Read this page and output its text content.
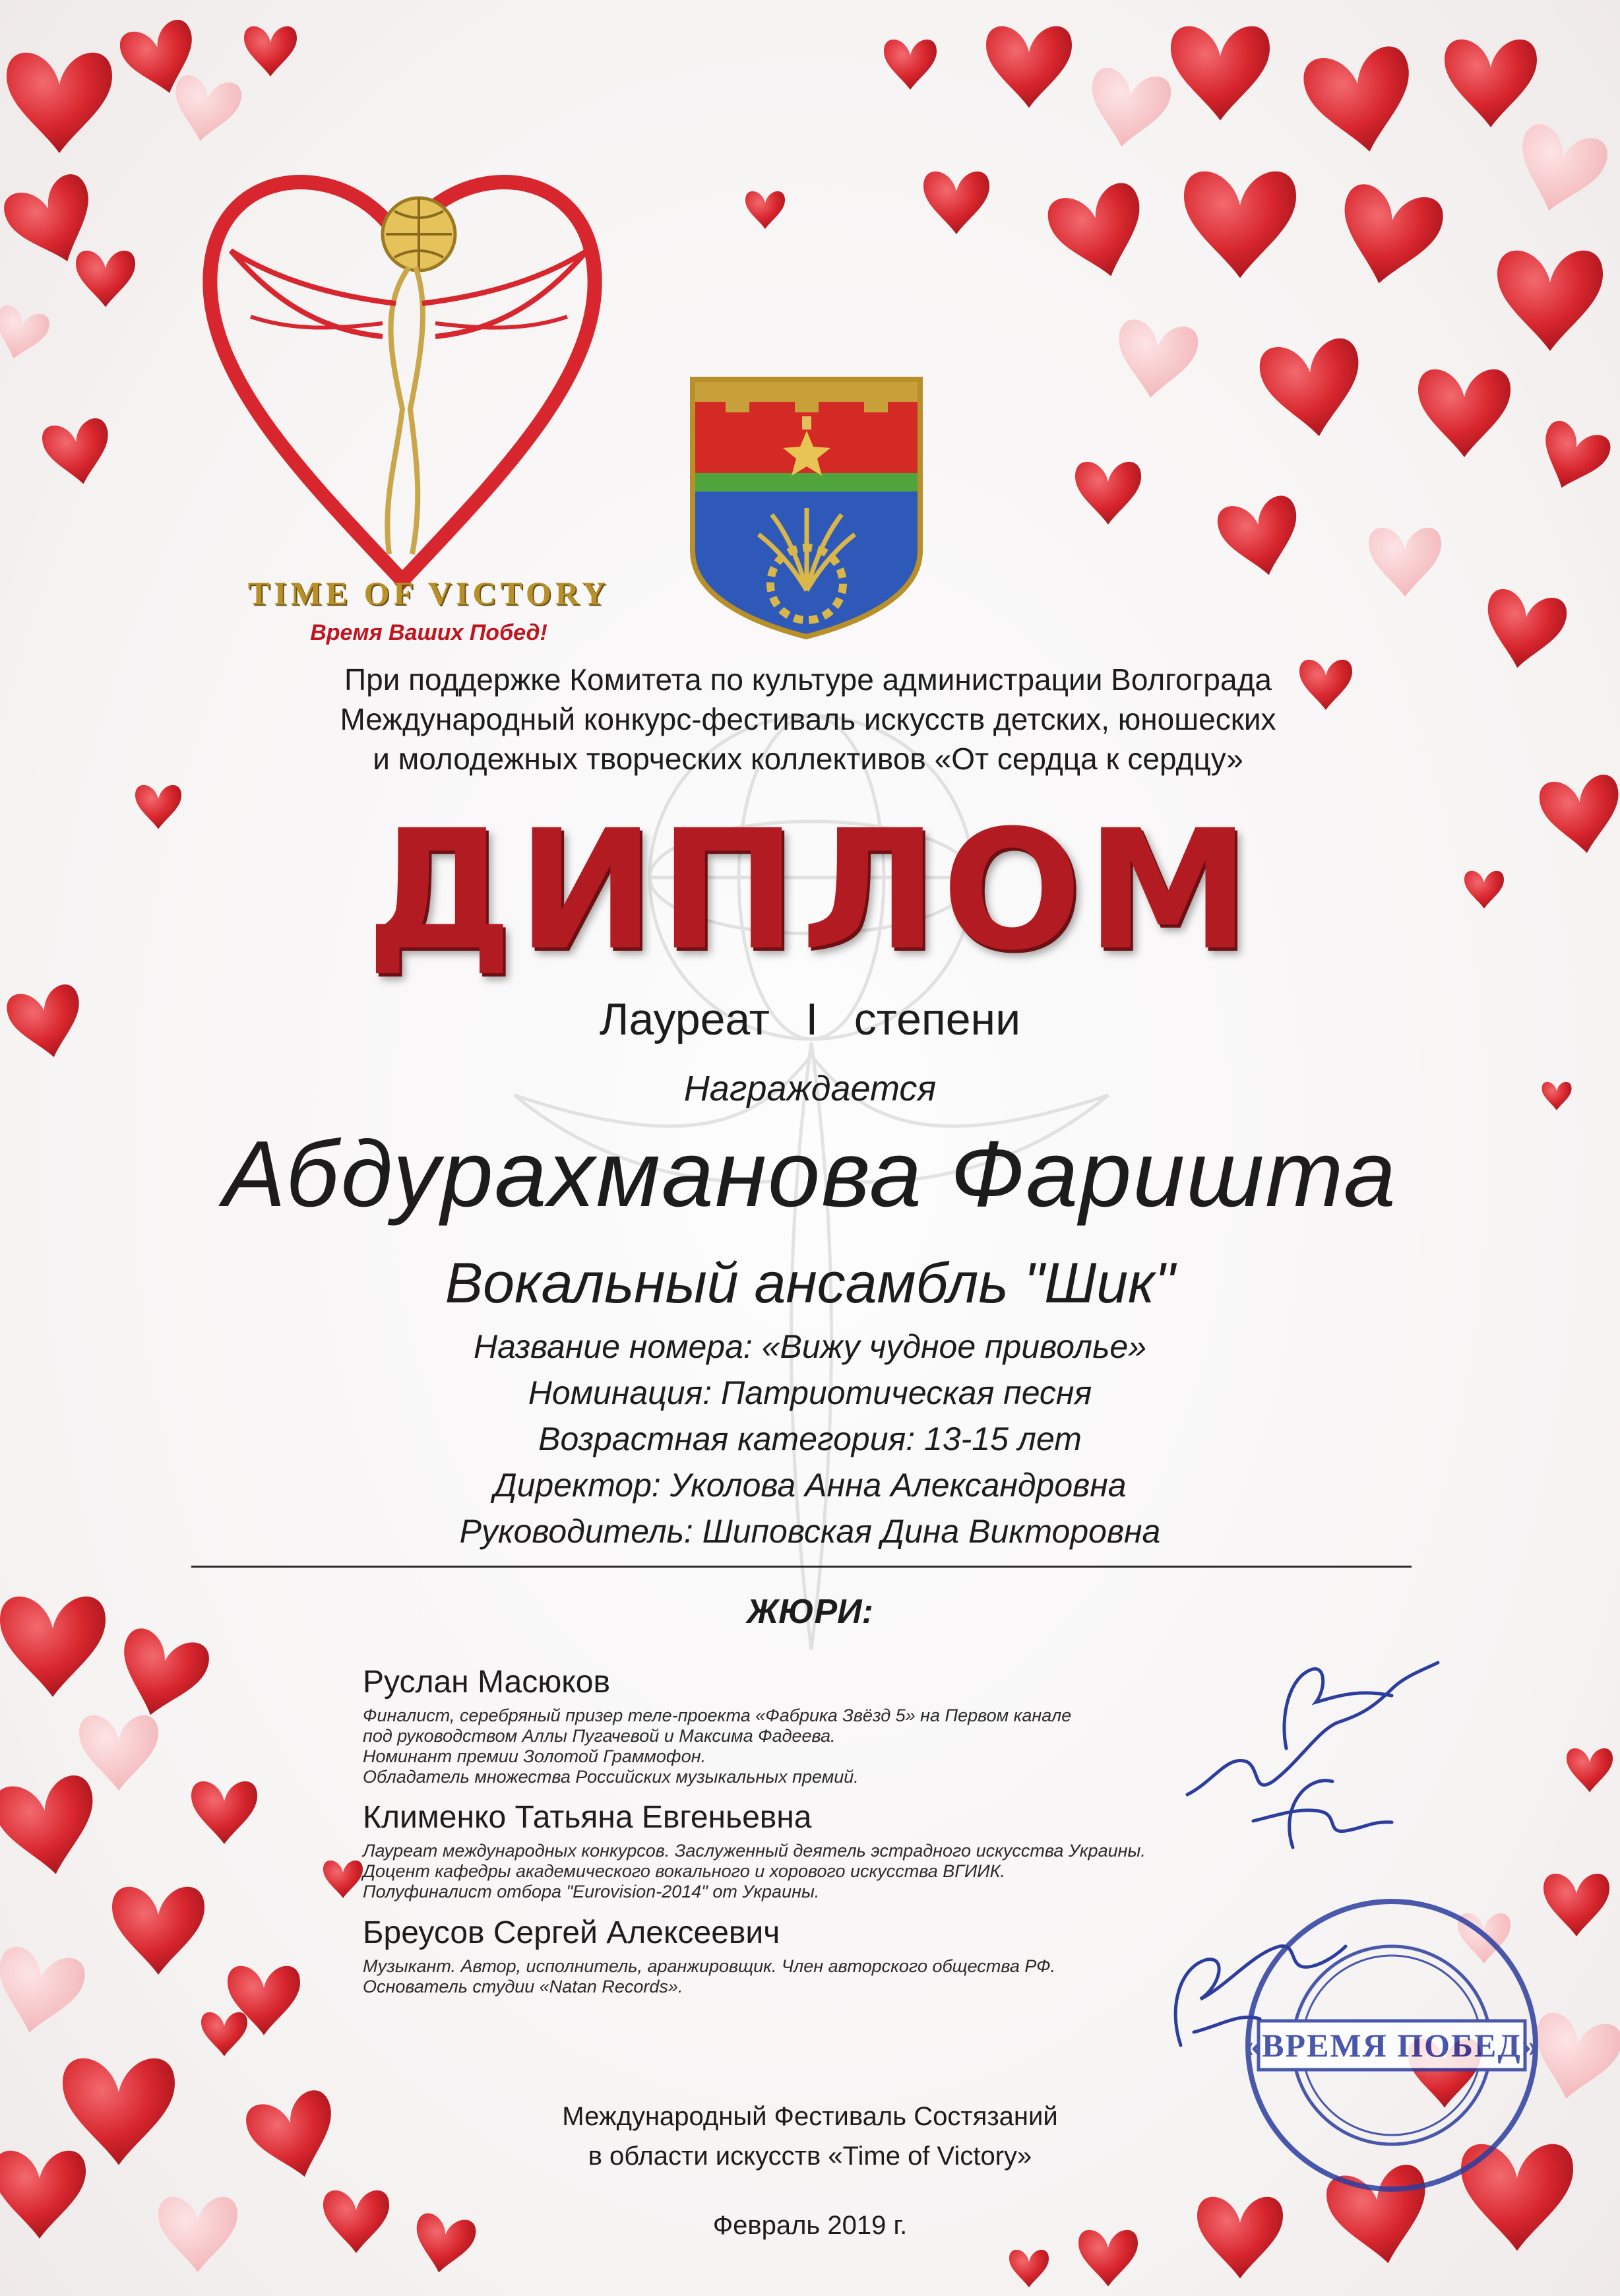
TIME OF VICTORY
Время Ваших Побед!
При поддержке Комитета по культуре администрации Волгограда
Международный конкурс-фестиваль искусств детских, юношеских
и молодежных творческих коллективов «От сердца к сердцу»
ДИПЛОМ
Лауреат I степени
Награждается
Абдурахманова Фаришта
Вокальный ансамбль "Шик"
Название номера: «Вижу чудное приволье»
Номинация: Патриотическая песня
Возрастная категория: 13-15 лет
Директор: Уколова Анна Александровна
Руководитель: Шиповская Дина Викторовна
ЖЮРИ:
Руслан Масюков
Финалист, серебряный призер теле-проекта «Фабрика Звёзд 5» на Первом канале
под руководством Аллы Пугачевой и Максима Фадеева.
Номинант премии Золотой Граммофон.
Обладатель множества Российских музыкальных премий.
Клименко Татьяна Евгеньевна
Лауреат международных конкурсов. Заслуженный деятель эстрадного искусства Украины.
Доцент кафедры академического вокального и хорового искусства ВГИИК.
Полуфиналист отбора "Eurovision-2014" от Украины.
Бреусов Сергей Алексеевич
Музыкант. Автор, исполнитель, аранжировщик. Член авторского общества РФ.
Основатель студии «Natan Records».
«ВРЕМЯ ПОБЕД»
Международный Фестиваль Состязаний
в области искусств «Time of Victory»
Февраль 2019 г.
